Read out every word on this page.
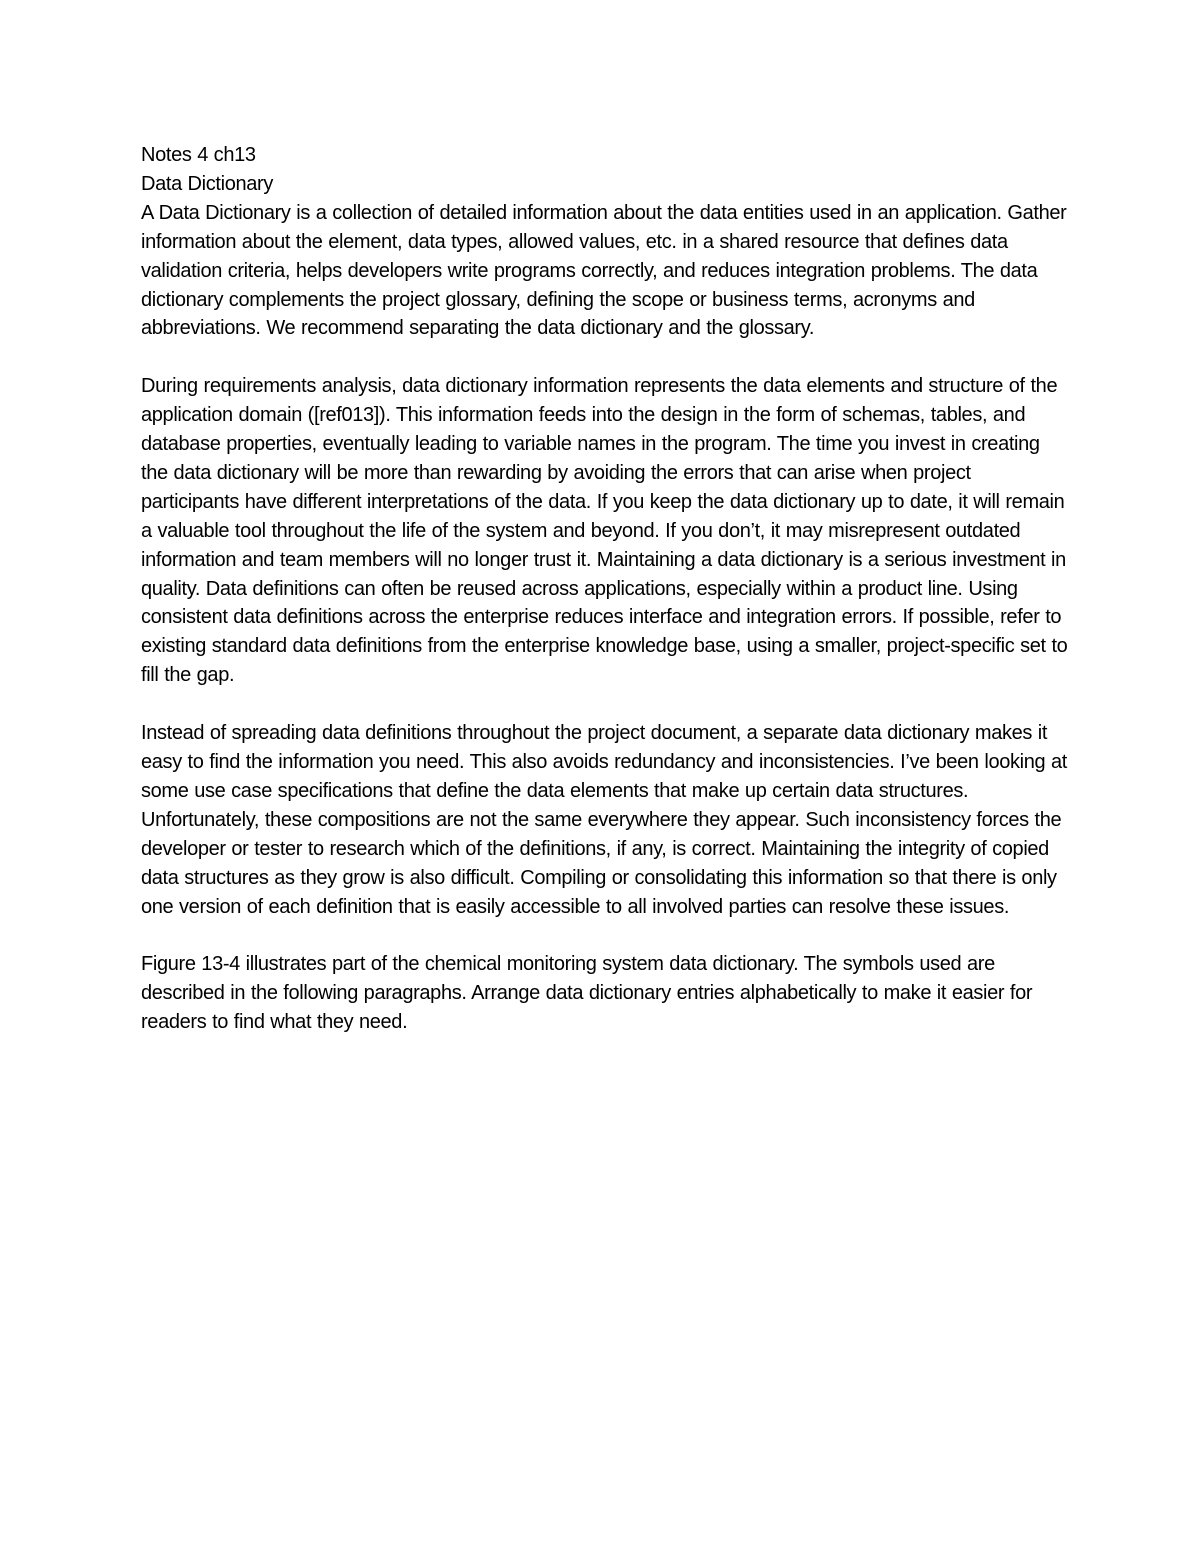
Notes 4 ch13
Data Dictionary

A Data Dictionary is a collection of detailed information about the data entities used in an application. Gather information about the element, data types, allowed values, etc. in a shared resource that defines data validation criteria, helps developers write programs correctly, and reduces integration problems. The data dictionary complements the project glossary, defining the scope or business terms, acronyms and abbreviations. We recommend separating the data dictionary and the glossary.

During requirements analysis, data dictionary information represents the data elements and structure of the application domain ([ref013]). This information feeds into the design in the form of schemas, tables, and database properties, eventually leading to variable names in the program. The time you invest in creating the data dictionary will be more than rewarding by avoiding the errors that can arise when project participants have different interpretations of the data. If you keep the data dictionary up to date, it will remain a valuable tool throughout the life of the system and beyond. If you don’t, it may misrepresent outdated information and team members will no longer trust it. Maintaining a data dictionary is a serious investment in quality. Data definitions can often be reused across applications, especially within a product line. Using consistent data definitions across the enterprise reduces interface and integration errors. If possible, refer to existing standard data definitions from the enterprise knowledge base, using a smaller, project-specific set to fill the gap.

Instead of spreading data definitions throughout the project document, a separate data dictionary makes it easy to find the information you need. This also avoids redundancy and inconsistencies. I’ve been looking at some use case specifications that define the data elements that make up certain data structures. Unfortunately, these compositions are not the same everywhere they appear. Such inconsistency forces the developer or tester to research which of the definitions, if any, is correct. Maintaining the integrity of copied data structures as they grow is also difficult. Compiling or consolidating this information so that there is only one version of each definition that is easily accessible to all involved parties can resolve these issues.

Figure 13-4 illustrates part of the chemical monitoring system data dictionary. The symbols used are described in the following paragraphs. Arrange data dictionary entries alphabetically to make it easier for readers to find what they need.
